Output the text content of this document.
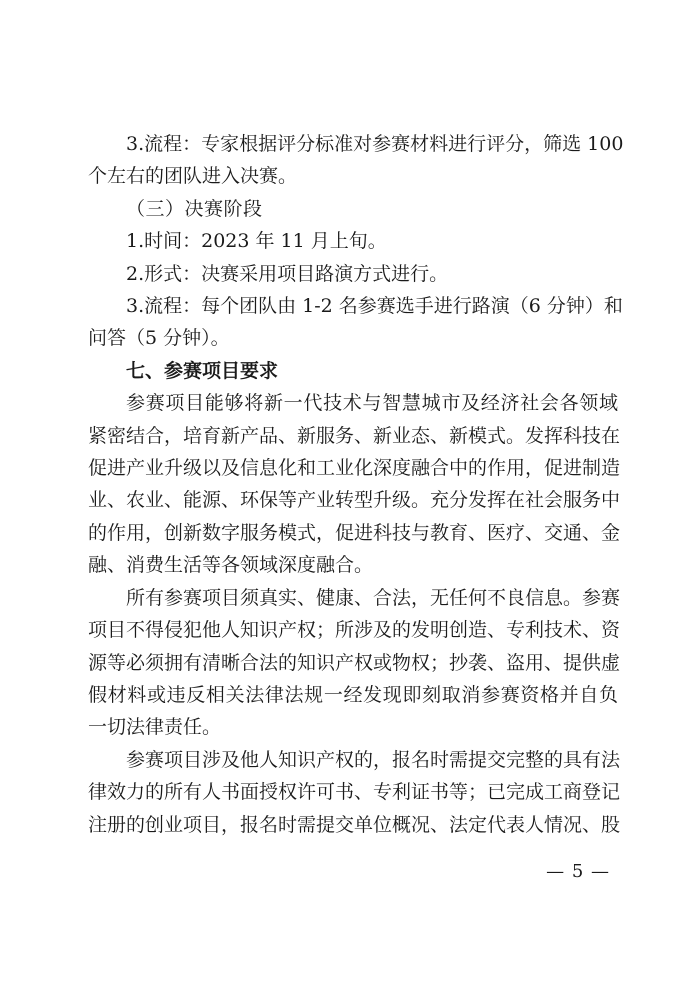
3.流程：专家根据评分标准对参赛材料进行评分，筛选 100
个左右的团队进入决赛。
（三）决赛阶段
1.时间：2023 年 11 月上旬。
2.形式：决赛采用项目路演方式进行。
3.流程：每个团队由 1-2 名参赛选手进行路演（6 分钟）和
问答（5 分钟）。
七、参赛项目要求
参赛项目能够将新一代技术与智慧城市及经济社会各领域
紧密结合，培育新产品、新服务、新业态、新模式。发挥科技在
促进产业升级以及信息化和工业化深度融合中的作用，促进制造
业、农业、能源、环保等产业转型升级。充分发挥在社会服务中
的作用，创新数字服务模式，促进科技与教育、医疗、交通、金
融、消费生活等各领域深度融合。
所有参赛项目须真实、健康、合法，无任何不良信息。参赛
项目不得侵犯他人知识产权；所涉及的发明创造、专利技术、资
源等必须拥有清晰合法的知识产权或物权；抄袭、盗用、提供虚
假材料或违反相关法律法规一经发现即刻取消参赛资格并自负
一切法律责任。
参赛项目涉及他人知识产权的，报名时需提交完整的具有法
律效力的所有人书面授权许可书、专利证书等；已完成工商登记
注册的创业项目，报名时需提交单位概况、法定代表人情况、股
— 5 —
